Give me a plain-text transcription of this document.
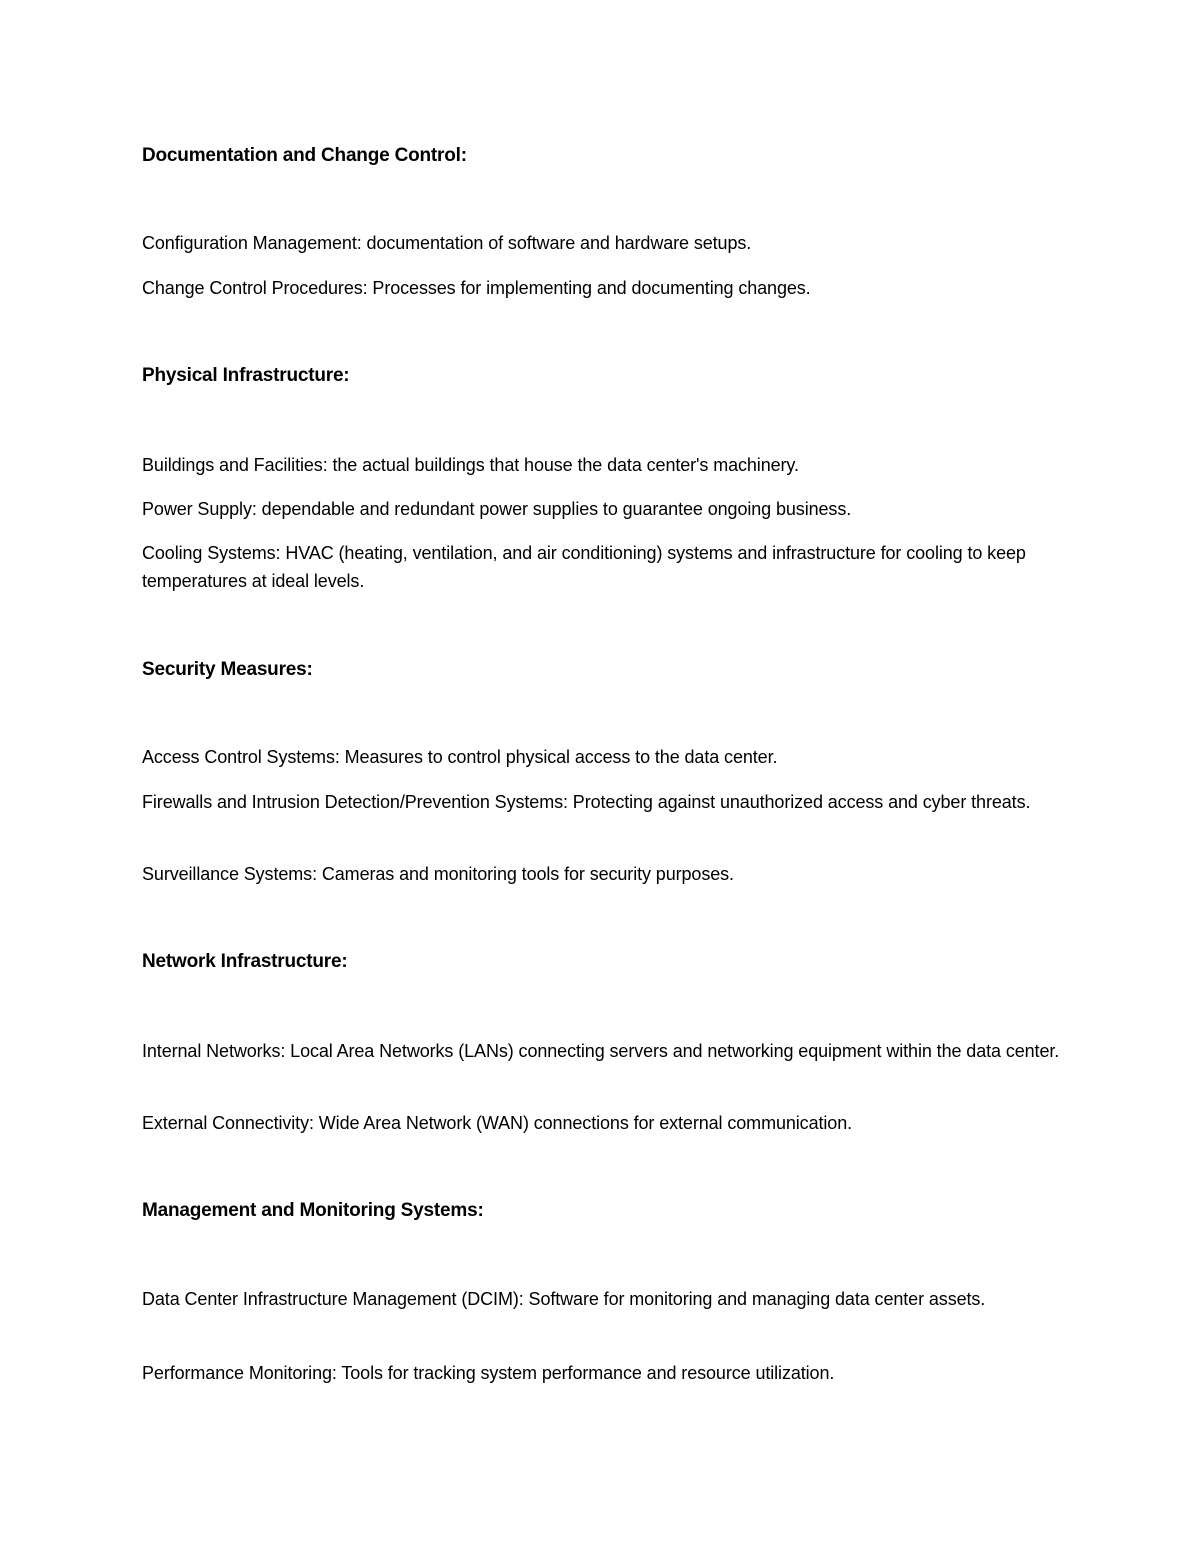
Documentation and Change Control:

Configuration Management: documentation of software and hardware setups.

Change Control Procedures: Processes for implementing and documenting changes.

Physical Infrastructure:

Buildings and Facilities: the actual buildings that house the data center's machinery.

Power Supply: dependable and redundant power supplies to guarantee ongoing business.

Cooling Systems: HVAC (heating, ventilation, and air conditioning) systems and infrastructure for cooling to keep temperatures at ideal levels.

Security Measures:

Access Control Systems: Measures to control physical access to the data center.

Firewalls and Intrusion Detection/Prevention Systems: Protecting against unauthorized access and cyber threats.

Surveillance Systems: Cameras and monitoring tools for security purposes.

Network Infrastructure:

Internal Networks: Local Area Networks (LANs) connecting servers and networking equipment within the data center.

External Connectivity: Wide Area Network (WAN) connections for external communication.

Management and Monitoring Systems:

Data Center Infrastructure Management (DCIM): Software for monitoring and managing data center assets.

Performance Monitoring: Tools for tracking system performance and resource utilization.
